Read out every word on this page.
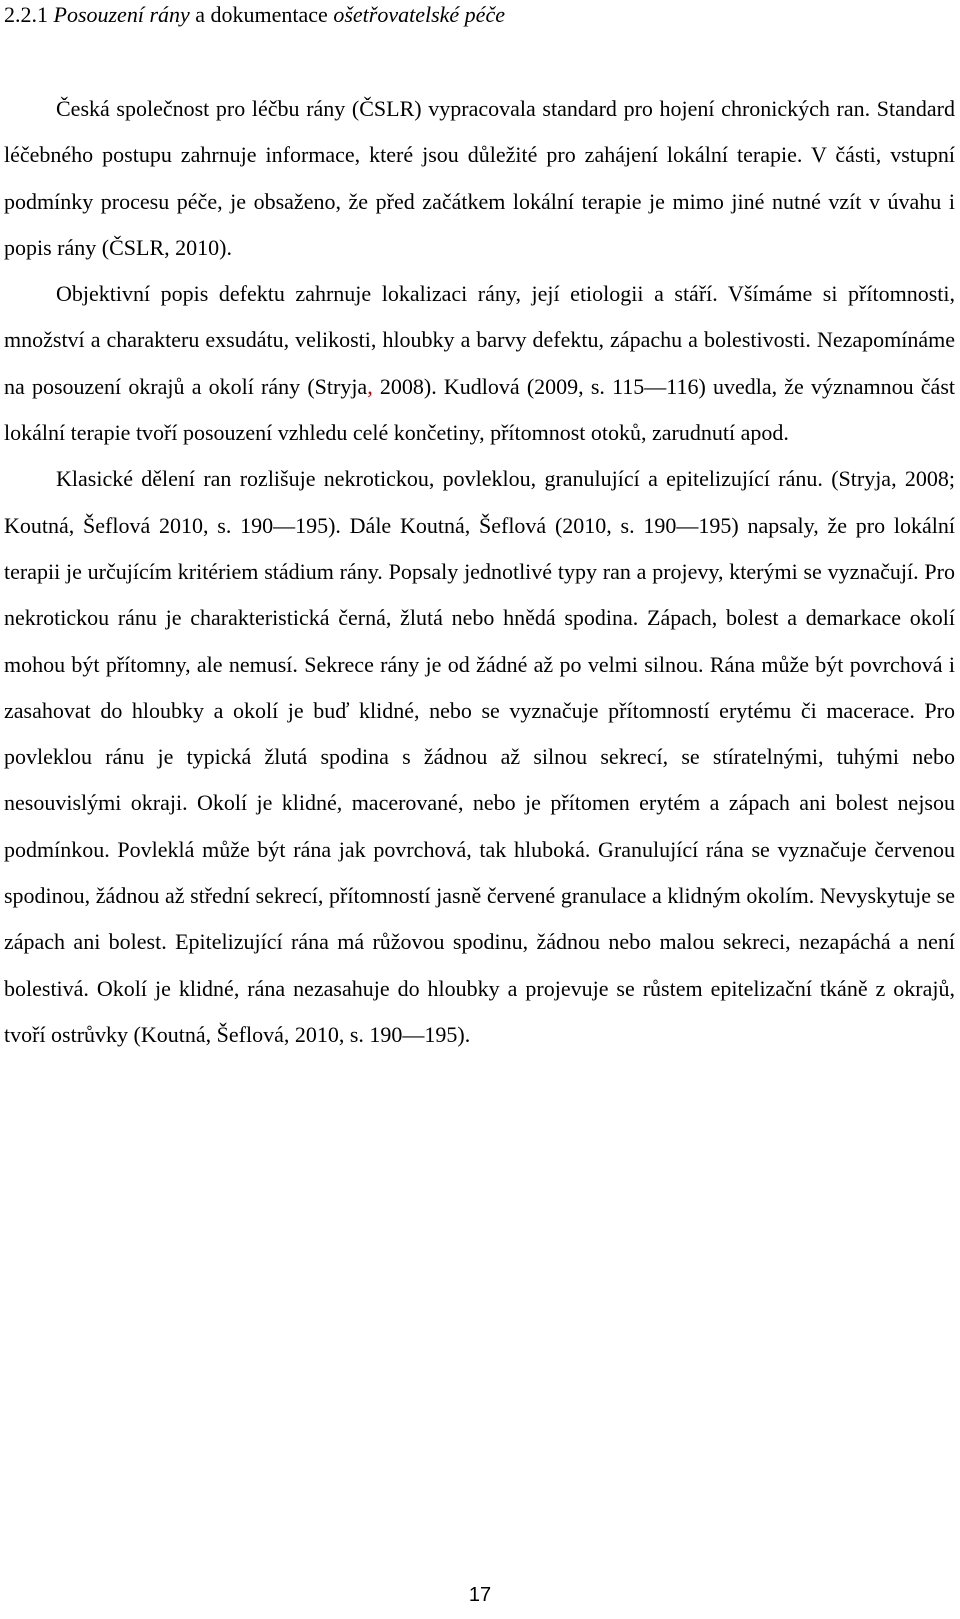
2.2.1 Posouzení rány a dokumentace ošetřovatelské péče

Česká společnost pro léčbu rány (ČSLR) vypracovala standard pro hojení chronických ran. Standard léčebného postupu zahrnuje informace, které jsou důležité pro zahájení lokální terapie. V části, vstupní podmínky procesu péče, je obsaženo, že před začátkem lokální terapie je mimo jiné nutné vzít v úvahu i popis rány (ČSLR, 2010).

Objektivní popis defektu zahrnuje lokalizaci rány, její etiologii a stáří. Všímáme si přítomnosti, množství a charakteru exsudátu, velikosti, hloubky a barvy defektu, zápachu a bolestivosti. Nezapomínáme na posouzení okrajů a okolí rány (Stryja, 2008). Kudlová (2009, s. 115—116) uvedla, že významnou část lokální terapie tvoří posouzení vzhledu celé končetiny, přítomnost otoků, zarudnutí apod.

Klasické dělení ran rozlišuje nekrotickou, povleklou, granulující a epitelizující ránu. (Stryja, 2008; Koutná, Šeflová 2010, s. 190—195). Dále Koutná, Šeflová (2010, s. 190—195) napsaly, že pro lokální terapii je určujícím kritériem stádium rány. Popsaly jednotlivé typy ran a projevy, kterými se vyznačují. Pro nekrotickou ránu je charakteristická černá, žlutá nebo hnědá spodina. Zápach, bolest a demarkace okolí mohou být přítomny, ale nemusí. Sekrece rány je od žádné až po velmi silnou. Rána může být povrchová i zasahovat do hloubky a okolí je buď klidné, nebo se vyznačuje přítomností erytému či macerace. Pro povleklou ránu je typická žlutá spodina s žádnou až silnou sekrecí, se stíratelnými, tuhými nebo nesouvislými okraji. Okolí je klidné, macerované, nebo je přítomen erytém a zápach ani bolest nejsou podmínkou. Povleklá může být rána jak povrchová, tak hluboká. Granulující rána se vyznačuje červenou spodinou, žádnou až střední sekrecí, přítomností jasně červené granulace a klidným okolím. Nevyskytuje se zápach ani bolest. Epitelizující rána má růžovou spodinu, žádnou nebo malou sekreci, nezapáchá a není bolestivá. Okolí je klidné, rána nezasahuje do hloubky a projevuje se růstem epitelizační tkáně z okrajů, tvoří ostrůvky (Koutná, Šeflová, 2010, s. 190—195).

17
